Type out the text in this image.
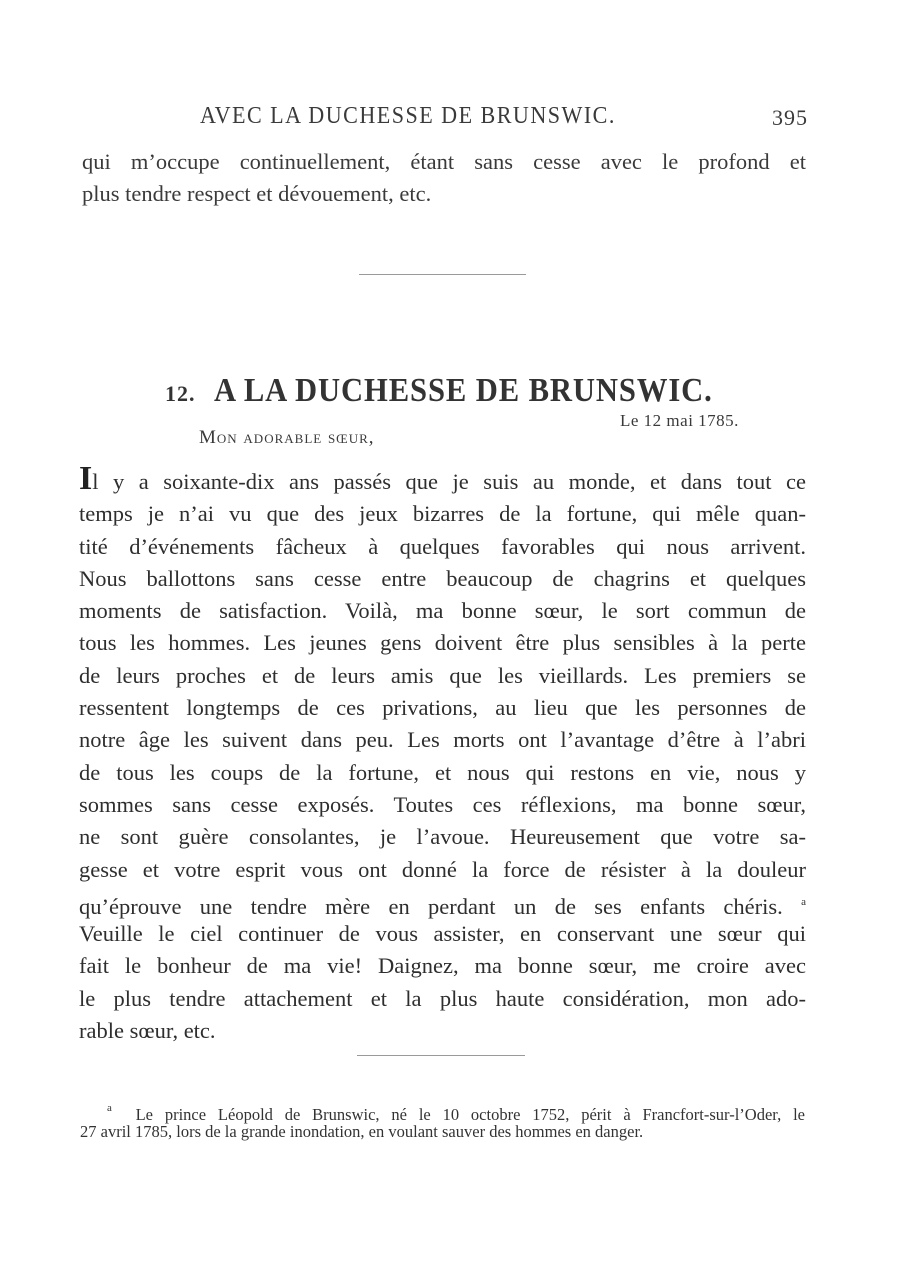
AVEC LA DUCHESSE DE BRUNSWIC.	395
qui m’occupe continuellement, étant sans cesse avec le profond et
plus tendre respect et dévouement, etc.
12. A LA DUCHESSE DE BRUNSWIC.
Le 12 mai 1785.
Mon adorable sœur,
Il y a soixante-dix ans passés que je suis au monde, et dans tout ce
temps je n’ai vu que des jeux bizarres de la fortune, qui mêle quan-
tité d’événements fâcheux à quelques favorables qui nous arrivent.
Nous ballottons sans cesse entre beaucoup de chagrins et quelques
moments de satisfaction. Voilà, ma bonne sœur, le sort commun de
tous les hommes. Les jeunes gens doivent être plus sensibles à la perte
de leurs proches et de leurs amis que les vieillards. Les premiers se
ressentent longtemps de ces privations, au lieu que les personnes de
notre âge les suivent dans peu. Les morts ont l’avantage d’être à l’abri
de tous les coups de la fortune, et nous qui restons en vie, nous y
sommes sans cesse exposés. Toutes ces réflexions, ma bonne sœur,
ne sont guère consolantes, je l’avoue. Heureusement que votre sa-
gesse et votre esprit vous ont donné la force de résister à la douleur
qu’éprouve une tendre mère en perdant un de ses enfants chéris. $^a$
Veuille le ciel continuer de vous assister, en conservant une sœur qui
fait le bonheur de ma vie! Daignez, ma bonne sœur, me croire avec
le plus tendre attachement et la plus haute considération, mon ado-
rable sœur, etc.
$^a$ Le prince Léopold de Brunswic, né le 10 octobre 1752, périt à Francfort-sur-l’Oder, le
27 avril 1785, lors de la grande inondation, en voulant sauver des hommes en danger.
